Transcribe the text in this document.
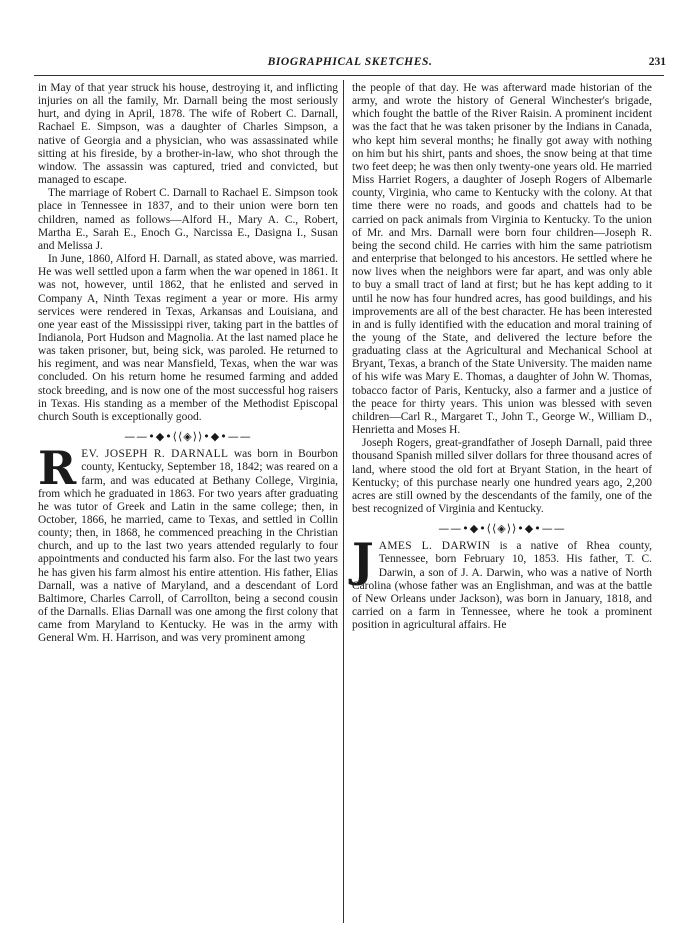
BIOGRAPHICAL SKETCHES.	231

in May of that year struck his house, destroying it, and inflicting injuries on all the family, Mr. Darnall being the most seriously hurt, and dying in April, 1878. The wife of Robert C. Darnall, Rachael E. Simpson, was a daughter of Charles Simpson, a native of Georgia and a physician, who was assassinated while sitting at his fireside, by a brother-in-law, who shot through the window. The assassin was captured, tried and convicted, but managed to escape.

The marriage of Robert C. Darnall to Rachael E. Simpson took place in Tennessee in 1837, and to their union were born ten children, named as follows—Alford H., Mary A. C., Robert, Martha E., Sarah E., Enoch G., Narcissa E., Dasigna I., Susan and Melissa J.

In June, 1860, Alford H. Darnall, as stated above, was married. He was well settled upon a farm when the war opened in 1861. It was not, however, until 1862, that he enlisted and served in Company A, Ninth Texas regiment a year or more. His army services were rendered in Texas, Arkansas and Louisiana, and one year east of the Mississippi river, taking part in the battles of Indianola, Port Hudson and Magnolia. At the last named place he was taken prisoner, but, being sick, was paroled. He returned to his regiment, and was near Mansfield, Texas, when the war was concluded. On his return home he resumed farming and added stock breeding, and is now one of the most successful hog raisers in Texas. His standing as a member of the Methodist Episcopal church South is exceptionally good.

——•◆•⟨⟨◈⟩⟩•◆•——

REV. JOSEPH R. DARNALL was born in Bourbon county, Kentucky, September 18, 1842; was reared on a farm, and was educated at Bethany College, Virginia, from which he graduated in 1863. For two years after graduating he was tutor of Greek and Latin in the same college; then, in October, 1866, he married, came to Texas, and settled in Collin county; then, in 1868, he commenced preaching in the Christian church, and up to the last two years attended regularly to four appointments and conducted his farm also. For the last two years he has given his farm almost his entire attention. His father, Elias Darnall, was a native of Maryland, and a descendant of Lord Baltimore, Charles Carroll, of Carrollton, being a second cousin of the Darnalls. Elias Darnall was one among the first colony that came from Maryland to Kentucky. He was in the army with General Wm. H. Harrison, and was very prominent among

the people of that day. He was afterward made historian of the army, and wrote the history of General Winchester's brigade, which fought the battle of the River Raisin. A prominent incident was the fact that he was taken prisoner by the Indians in Canada, who kept him several months; he finally got away with nothing on him but his shirt, pants and shoes, the snow being at that time two feet deep; he was then only twenty-one years old. He married Miss Harriet Rogers, a daughter of Joseph Rogers of Albemarle county, Virginia, who came to Kentucky with the colony. At that time there were no roads, and goods and chattels had to be carried on pack animals from Virginia to Kentucky. To the union of Mr. and Mrs. Darnall were born four children—Joseph R. being the second child. He carries with him the same patriotism and enterprise that belonged to his ancestors. He settled where he now lives when the neighbors were far apart, and was only able to buy a small tract of land at first; but he has kept adding to it until he now has four hundred acres, has good buildings, and his improvements are all of the best character. He has been interested in and is fully identified with the education and moral training of the young of the State, and delivered the lecture before the graduating class at the Agricultural and Mechanical School at Bryant, Texas, a branch of the State University. The maiden name of his wife was Mary E. Thomas, a daughter of John W. Thomas, tobacco factor of Paris, Kentucky, also a farmer and a justice of the peace for thirty years. This union was blessed with seven children—Carl R., Margaret T., John T., George W., William D., Henrietta and Moses H.

Joseph Rogers, great-grandfather of Joseph Darnall, paid three thousand Spanish milled silver dollars for three thousand acres of land, where stood the old fort at Bryant Station, in the heart of Kentucky; of this purchase nearly one hundred years ago, 2,200 acres are still owned by the descendants of the family, one of the best recognized of Virginia and Kentucky.

——•◆•⟨⟨◈⟩⟩•◆•——

JAMES L. DARWIN is a native of Rhea county, Tennessee, born February 10, 1853. His father, T. C. Darwin, a son of J. A. Darwin, who was a native of North Carolina (whose father was an Englishman, and was at the battle of New Orleans under Jackson), was born in January, 1818, and carried on a farm in Tennessee, where he took a prominent position in agricultural affairs. He
